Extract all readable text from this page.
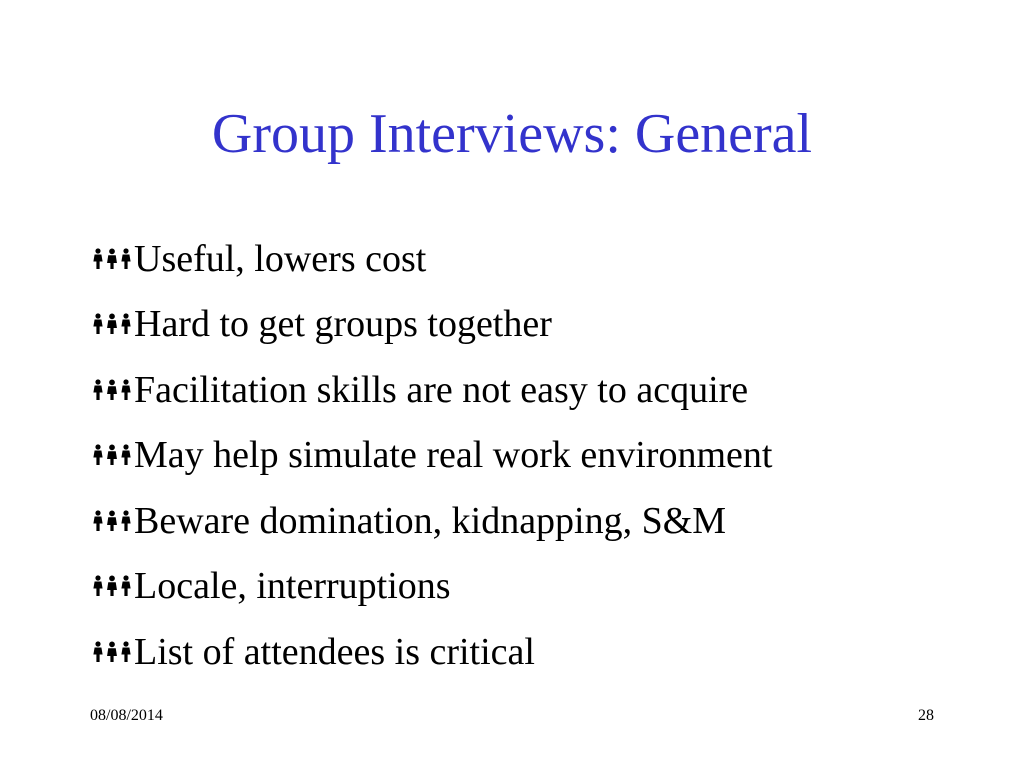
Group Interviews: General
Useful, lowers cost
Hard to get groups together
Facilitation skills are not easy to acquire
May help simulate real work environment
Beware domination, kidnapping, S&M
Locale, interruptions
List of attendees is critical
08/08/2014	28
